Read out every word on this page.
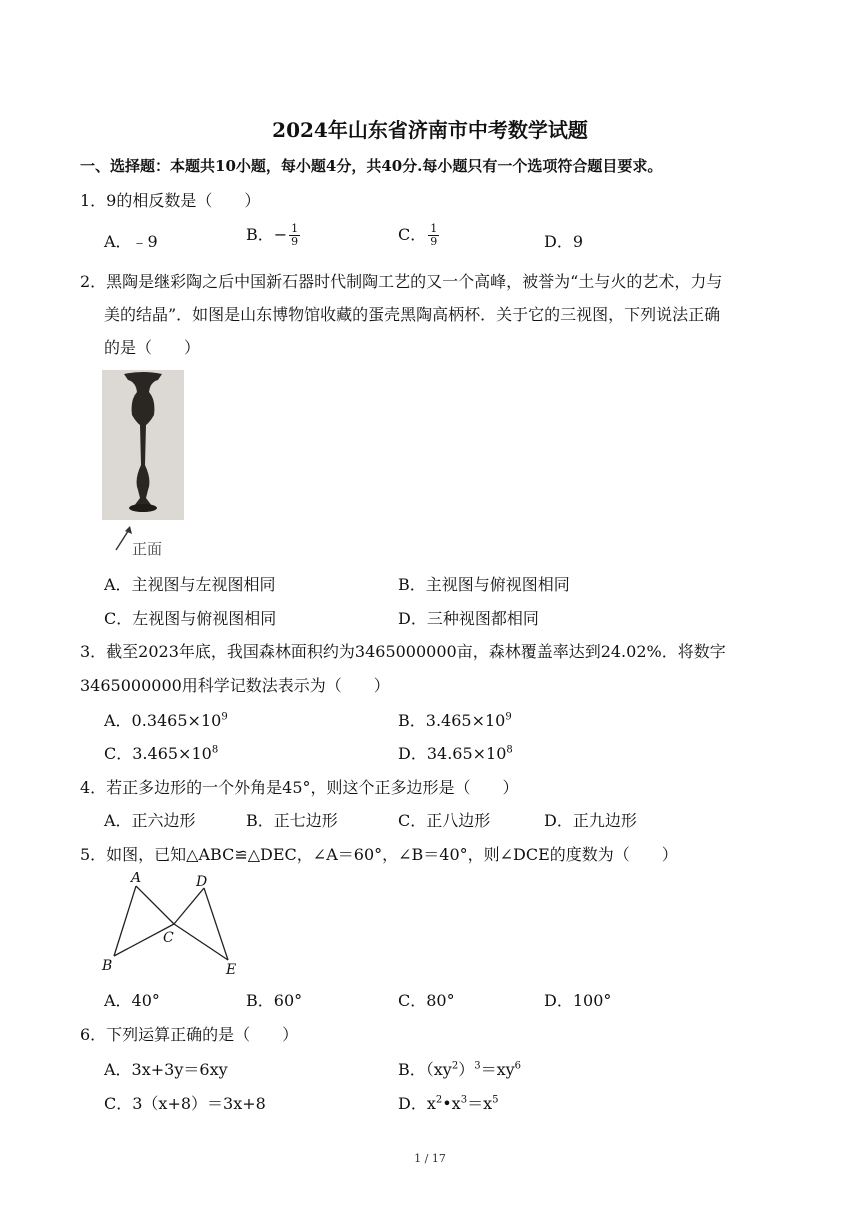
2024年山东省济南市中考数学试题
一、选择题：本题共10小题，每小题4分，共40分.每小题只有一个选项符合题目要求。
1．9的相反数是（　　）
A．﹣9	B．− $\frac{1}{9}$	C． $\frac{1}{9}$	D．9
2．黑陶是继彩陶之后中国新石器时代制陶工艺的又一个高峰，被誉为“土与火的艺术，力与
美的结晶”．如图是山东博物馆收藏的蛋壳黑陶高柄杯．关于它的三视图，下列说法正确
的是（　　）
正面
A．主视图与左视图相同	B．主视图与俯视图相同
C．左视图与俯视图相同	D．三种视图都相同
3．截至2023年底，我国森林面积约为3465000000亩，森林覆盖率达到24.02%．将数字
3465000000用科学记数法表示为（　　）
A．$0.3465\times 10^9$	B．$3.465\times 10^9$
C．$3.465\times 10^8$	D．$34.65\times 10^8$
4．若正多边形的一个外角是45°，则这个正多边形是（　　）
A．正六边形	B．正七边形	C．正八边形	D．正九边形
5．如图，已知△ABC≌△DEC，∠A＝60°，∠B＝40°，则∠DCE的度数为（　　）
A	D
C
B	E
A．40°	B．60°	C．80°	D．100°
6．下列运算正确的是（　　）
A．3x+3y＝6xy	B．$(xy^2)^3=xy^6$
C．3（x+8）＝3x+8	D．$x^2•x^3=x^5$
1 / 17
